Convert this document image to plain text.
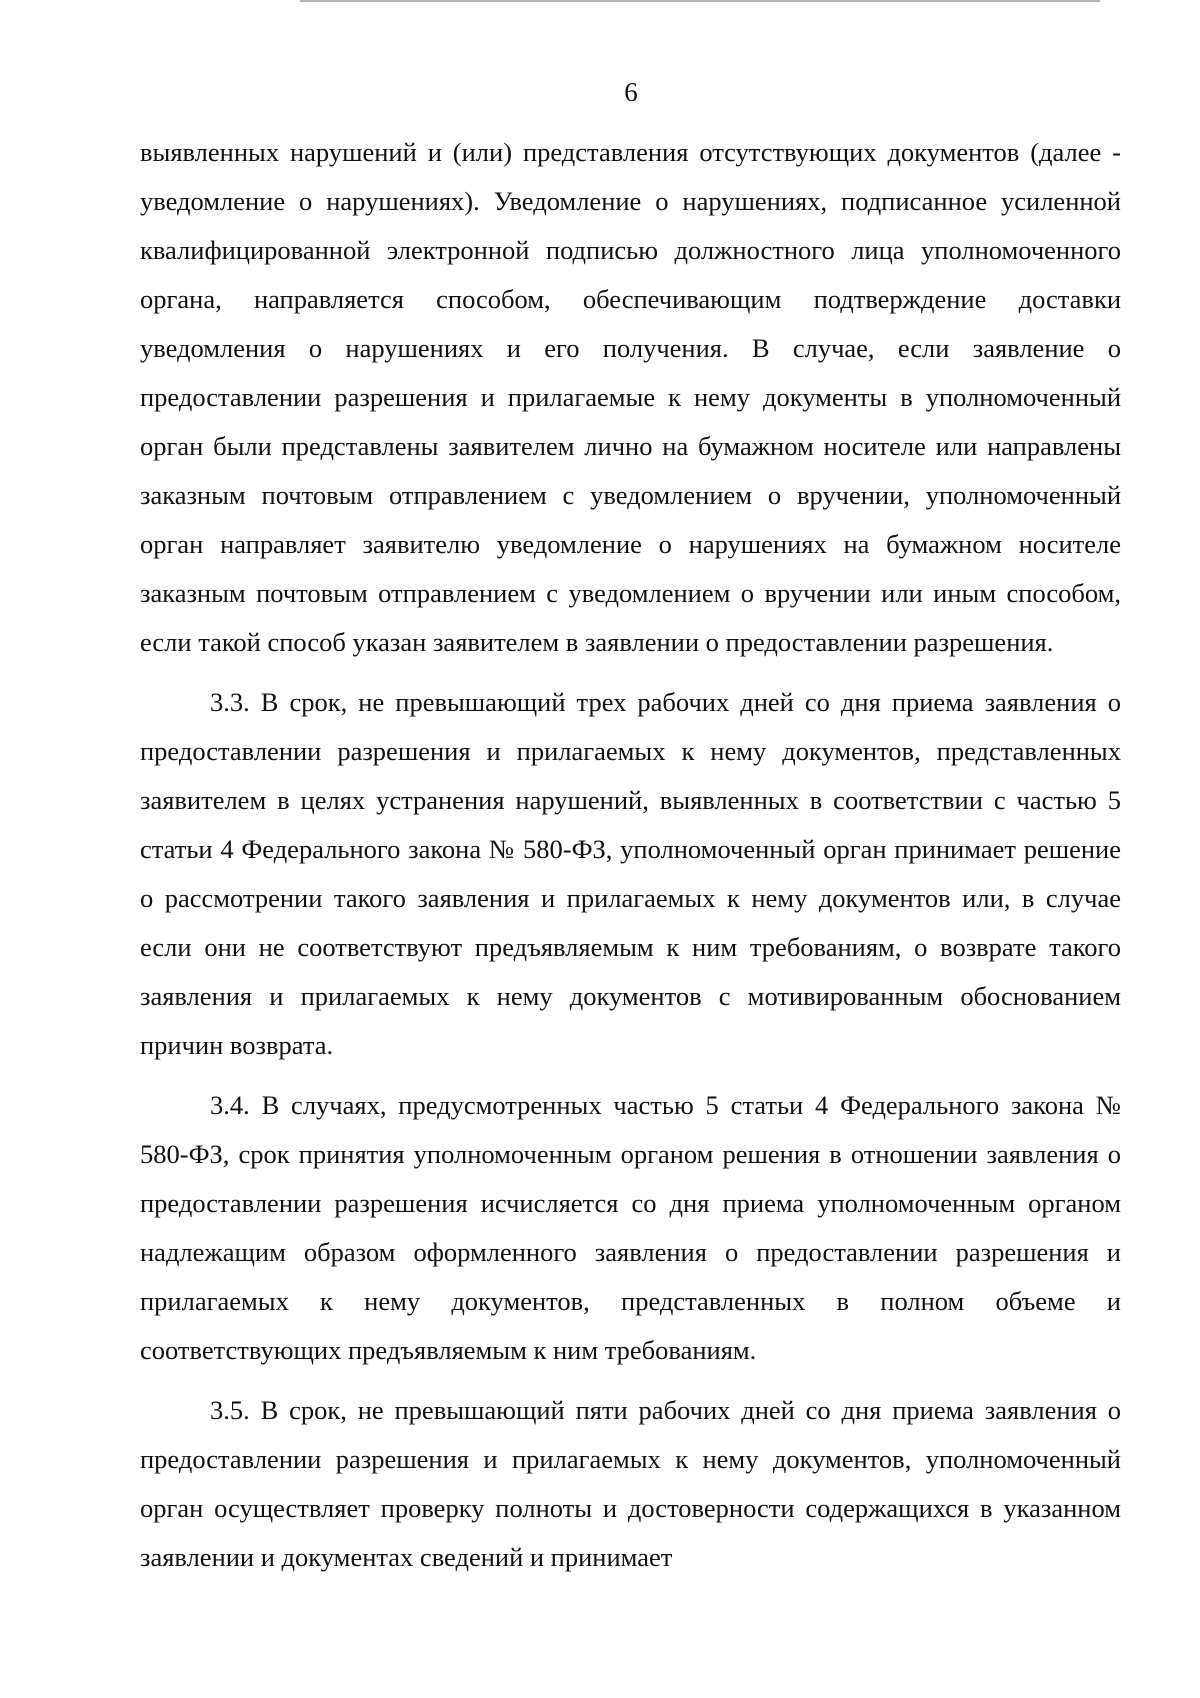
6

выявленных нарушений и (или) представления отсутствующих документов (далее - уведомление о нарушениях). Уведомление о нарушениях, подписанное усиленной квалифицированной электронной подписью должностного лица уполномоченного органа, направляется способом, обеспечивающим подтверждение доставки уведомления о нарушениях и его получения. В случае, если заявление о предоставлении разрешения и прилагаемые к нему документы в уполномоченный орган были представлены заявителем лично на бумажном носителе или направлены заказным почтовым отправлением с уведомлением о вручении, уполномоченный орган направляет заявителю уведомление о нарушениях на бумажном носителе заказным почтовым отправлением с уведомлением о вручении или иным способом, если такой способ указан заявителем в заявлении о предоставлении разрешения.

3.3. В срок, не превышающий трех рабочих дней со дня приема заявления о предоставлении разрешения и прилагаемых к нему документов, представленных заявителем в целях устранения нарушений, выявленных в соответствии с частью 5 статьи 4 Федерального закона № 580-ФЗ, уполномоченный орган принимает решение о рассмотрении такого заявления и прилагаемых к нему документов или, в случае если они не соответствуют предъявляемым к ним требованиям, о возврате такого заявления и прилагаемых к нему документов с мотивированным обоснованием причин возврата.

3.4. В случаях, предусмотренных частью 5 статьи 4 Федерального закона № 580-ФЗ, срок принятия уполномоченным органом решения в отношении заявления о предоставлении разрешения исчисляется со дня приема уполномоченным органом надлежащим образом оформленного заявления о предоставлении разрешения и прилагаемых к нему документов, представленных в полном объеме и соответствующих предъявляемым к ним требованиям.

3.5. В срок, не превышающий пяти рабочих дней со дня приема заявления о предоставлении разрешения и прилагаемых к нему документов, уполномоченный орган осуществляет проверку полноты и достоверности содержащихся в указанном заявлении и документах сведений и принимает
